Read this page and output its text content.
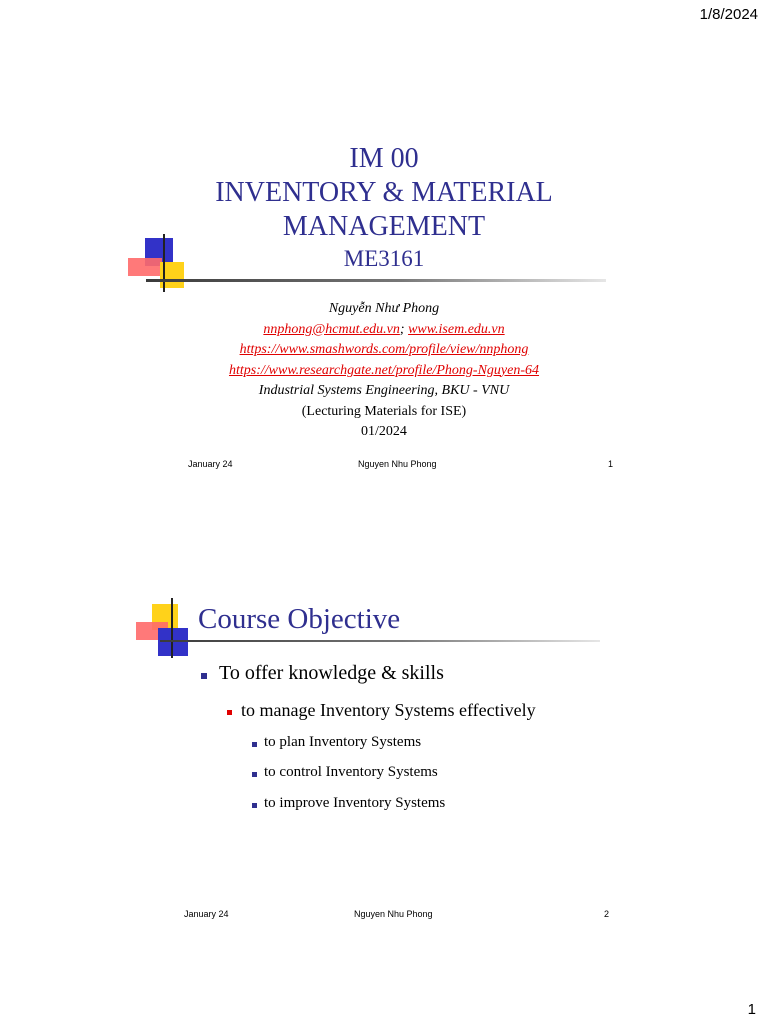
1/8/2024
1
IM 00
INVENTORY & MATERIAL
MANAGEMENT
ME3161
Nguyễn Như Phong
nnphong@hcmut.edu.vn; www.isem.edu.vn
https://www.smashwords.com/profile/view/nnphong
https://www.researchgate.net/profile/Phong-Nguyen-64
Industrial Systems Engineering, BKU - VNU
(Lecturing Materials for ISE)
01/2024
January 24	Nguyen Nhu Phong	1
Course Objective
To offer knowledge & skills
to manage Inventory Systems effectively
to plan Inventory Systems
to control Inventory Systems
to improve Inventory Systems
January 24	Nguyen Nhu Phong	2
